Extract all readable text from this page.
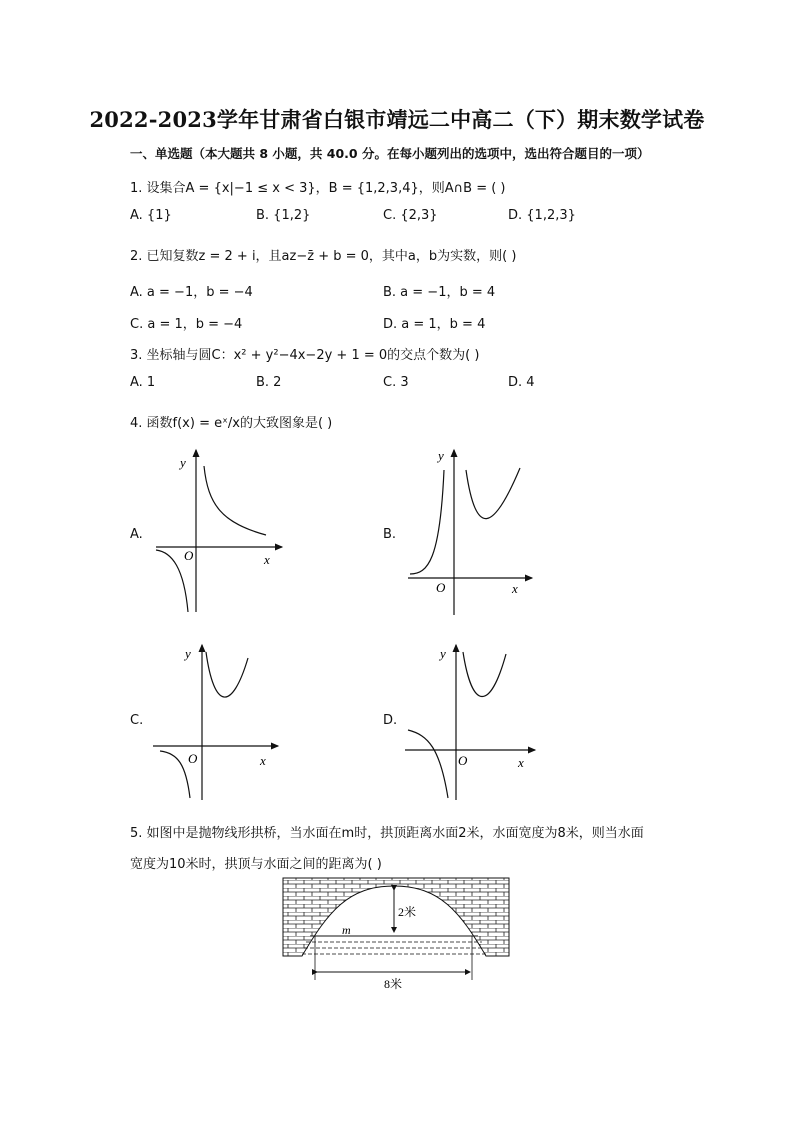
2022-2023学年甘肃省白银市靖远二中高二（下）期末数学试卷
一、单选题（本大题共 8 小题，共 40.0 分。在每小题列出的选项中，选出符合题目的一项）
1. 设集合A = {x|−1 ≤ x < 3}，B = {1,2,3,4}，则A∩B = ( )
A. {1}	B. {1,2}	C. {2,3}	D. {1,2,3}
2. 已知复数z = 2 + i，且az−z̄ + b = 0，其中a，b为实数，则( )
A. a = −1，b = −4	B. a = −1，b = 4
C. a = 1，b = −4	D. a = 1，b = 4
3. 坐标轴与圆C：x² + y²−4x−2y + 1 = 0的交点个数为( )
A. 1	B. 2	C. 3	D. 4
4. 函数f(x) = eˣ/x的大致图象是( )
A.	B.
C.	D.
y
O	x
y
O	x
y
O	x
y
O	x
5. 如图中是抛物线形拱桥，当水面在m时，拱顶距离水面2米，水面宽度为8米，则当水面
宽度为10米时，拱顶与水面之间的距离为( )
2米
m
8米
